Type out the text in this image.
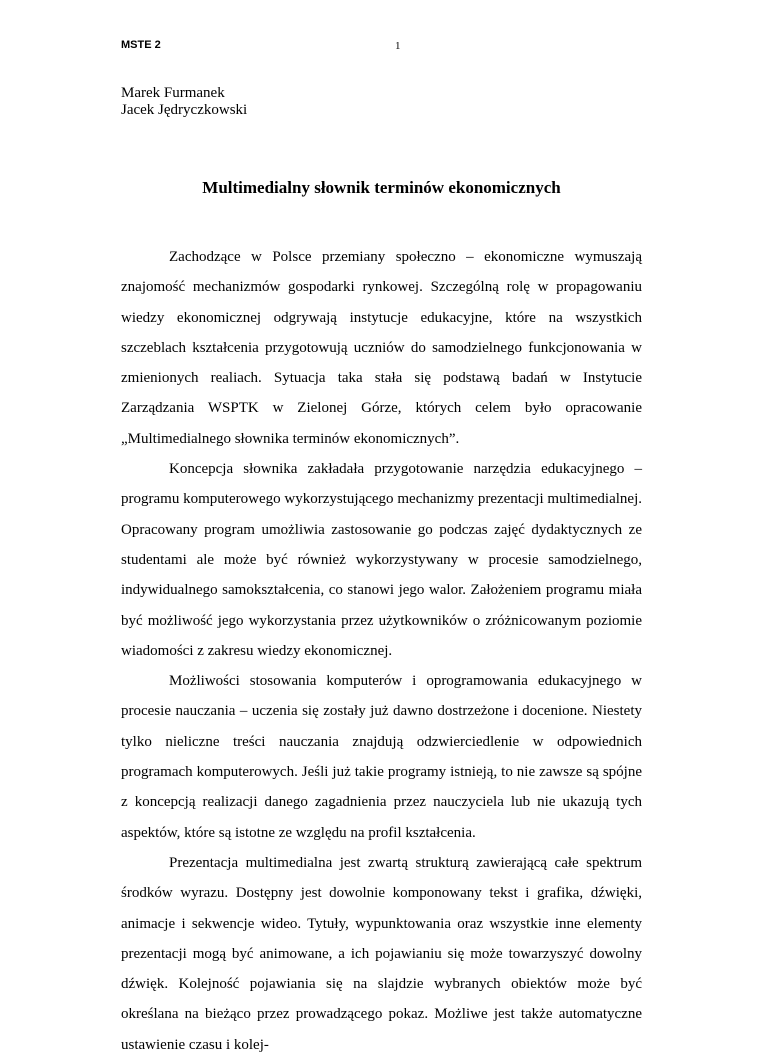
MSTE 2	1
Marek Furmanek
Jacek Jędryczkowski
Multimedialny słownik terminów ekonomicznych

Zachodzące w Polsce przemiany społeczno – ekonomiczne wymuszają znajomość mechanizmów gospodarki rynkowej. Szczególną rolę w propagowaniu wiedzy ekonomicznej odgrywają instytucje edukacyjne, które na wszystkich szczeblach kształcenia przygotowują uczniów do samodzielnego funkcjonowania w zmienionych realiach. Sytuacja taka stała się podstawą badań w Instytucie Zarządzania WSPTK w Zielonej Górze, których celem było opracowanie „Multimedialnego słownika terminów ekonomicznych”.

Koncepcja słownika zakładała przygotowanie narzędzia edukacyjnego – programu komputerowego wykorzystującego mechanizmy prezentacji multimedialnej. Opracowany program umożliwia zastosowanie go podczas zajęć dydaktycznych ze studentami ale może być również wykorzystywany w procesie samodzielnego, indywidualnego samokształcenia, co stanowi jego walor. Założeniem programu miała być możliwość jego wykorzystania przez użytkowników o zróżnicowanym poziomie wiadomości z zakresu wiedzy ekonomicznej.

Możliwości stosowania komputerów i oprogramowania edukacyjnego w procesie nauczania – uczenia się zostały już dawno dostrzeżone i docenione. Niestety tylko nieliczne treści nauczania znajdują odzwierciedlenie w odpowiednich programach komputerowych. Jeśli już takie programy istnieją, to nie zawsze są spójne z koncepcją realizacji danego zagadnienia przez nauczyciela lub nie ukazują tych aspektów, które są istotne ze względu na profil kształcenia.

Prezentacja multimedialna jest zwartą strukturą zawierającą całe spektrum środków wyrazu. Dostępny jest dowolnie komponowany tekst i grafika, dźwięki, animacje i sekwencje wideo. Tytuły, wypunktowania oraz wszystkie inne elementy prezentacji mogą być animowane, a ich pojawianiu się może towarzyszyć dowolny dźwięk. Kolejność pojawiania się na slajdzie wybranych obiektów może być określana na bieżąco przez prowadzącego pokaz. Możliwe jest także automatyczne ustawienie czasu i kolej-
